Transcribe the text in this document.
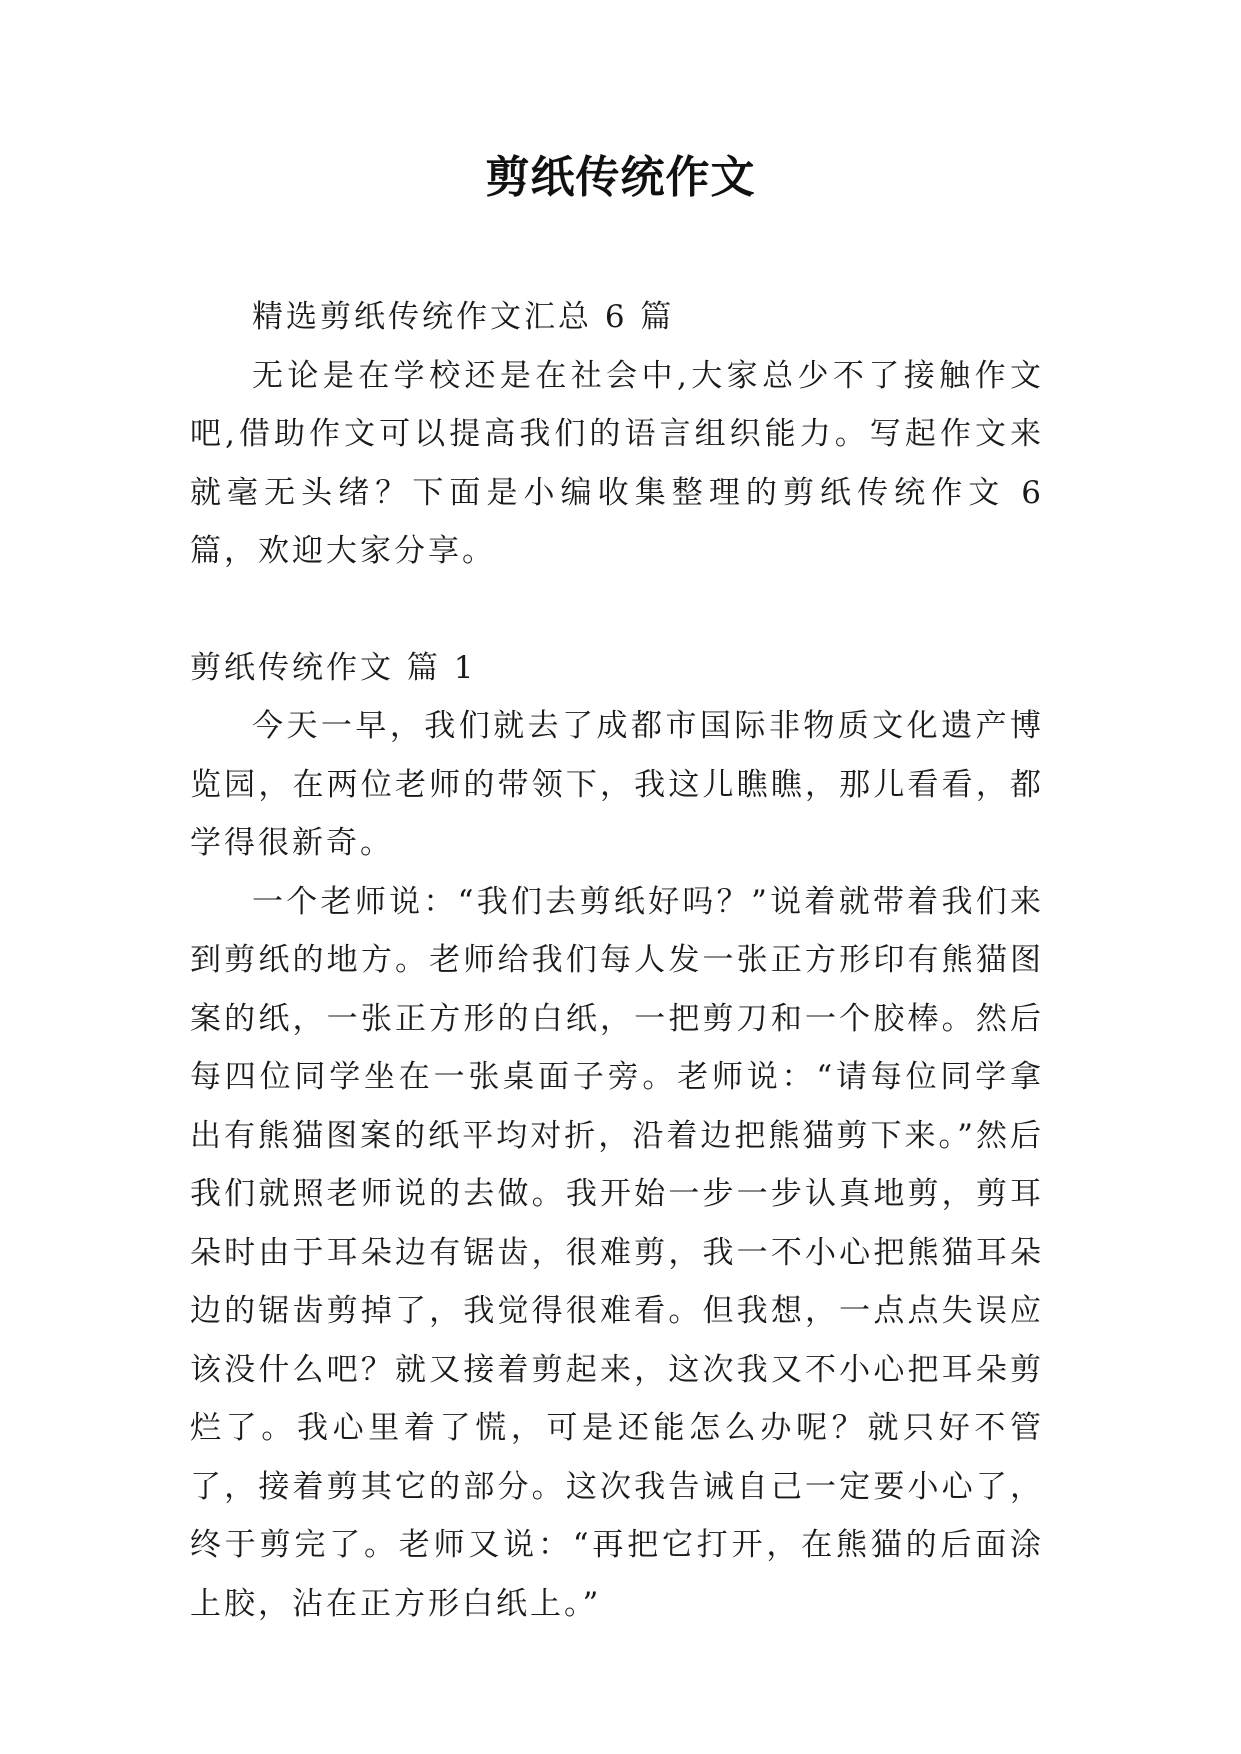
剪纸传统作文

精选剪纸传统作文汇总 6 篇

无论是在学校还是在社会中,大家总少不了接触作文吧,借助作文可以提高我们的语言组织能力。写起作文来就毫无头绪？下面是小编收集整理的剪纸传统作文 6 篇，欢迎大家分享。

剪纸传统作文 篇 1

今天一早，我们就去了成都市国际非物质文化遗产博览园，在两位老师的带领下，我这儿瞧瞧，那儿看看，都学得很新奇。

一个老师说：“我们去剪纸好吗？”说着就带着我们来到剪纸的地方。老师给我们每人发一张正方形印有熊猫图案的纸，一张正方形的白纸，一把剪刀和一个胶棒。然后每四位同学坐在一张桌面子旁。老师说：“请每位同学拿出有熊猫图案的纸平均对折，沿着边把熊猫剪下来。”然后我们就照老师说的去做。我开始一步一步认真地剪，剪耳朵时由于耳朵边有锯齿，很难剪，我一不小心把熊猫耳朵边的锯齿剪掉了，我觉得很难看。但我想，一点点失误应该没什么吧？就又接着剪起来，这次我又不小心把耳朵剪烂了。我心里着了慌，可是还能怎么办呢？就只好不管了，接着剪其它的部分。这次我告诫自己一定要小心了，终于剪完了。老师又说：“再把它打开，在熊猫的后面涂上胶，沾在正方形白纸上。”
